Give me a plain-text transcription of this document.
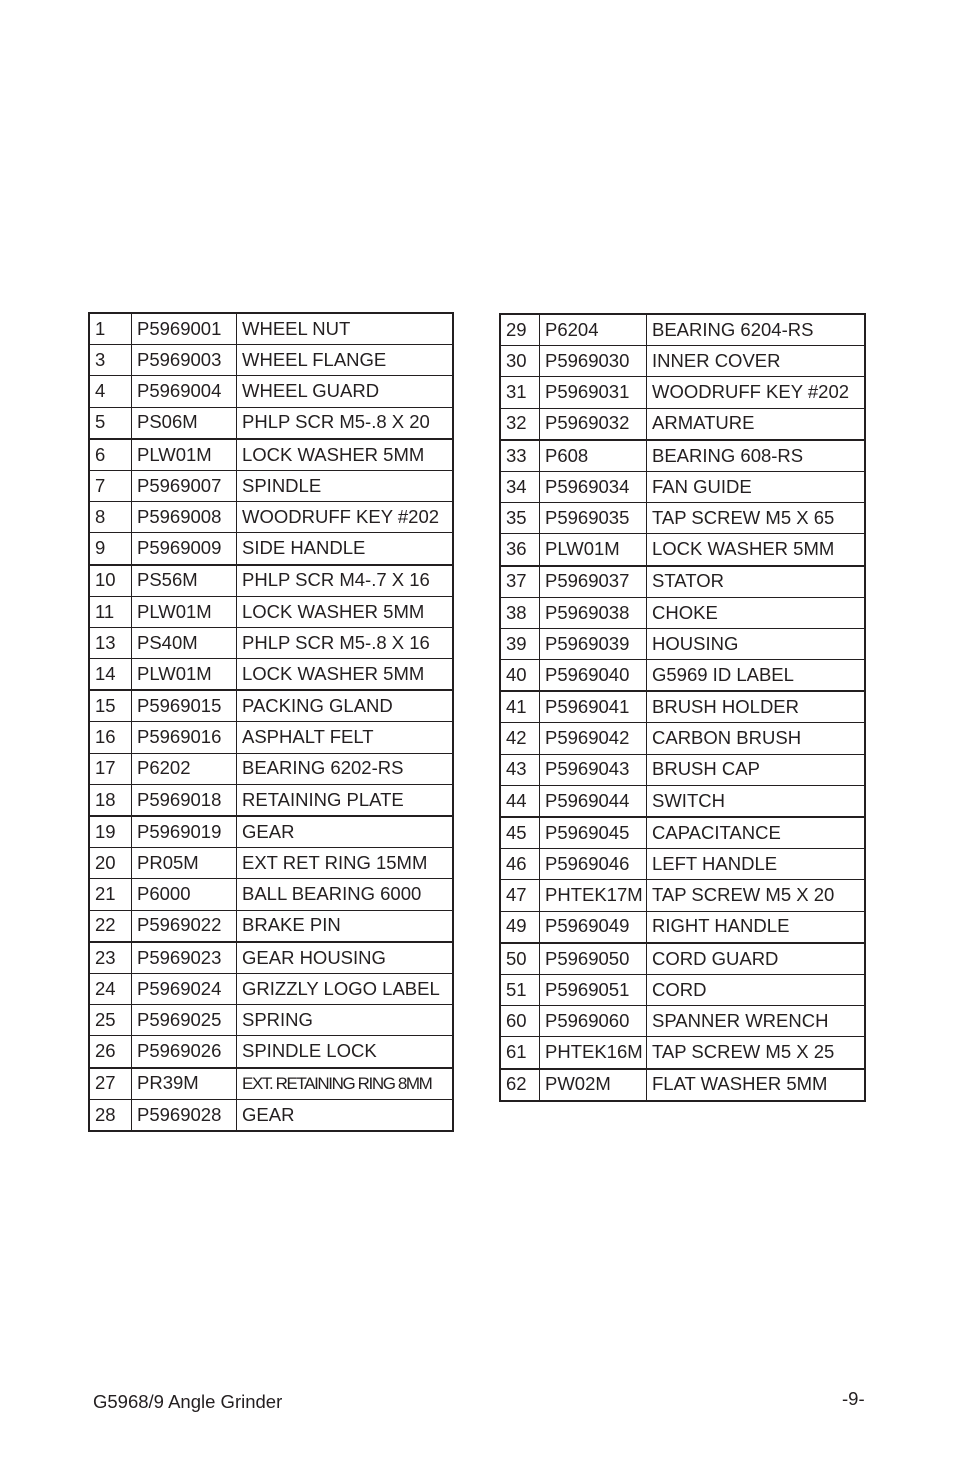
1	P5969001	WHEEL NUT
3	P5969003	WHEEL FLANGE
4	P5969004	WHEEL GUARD
5	PS06M	PHLP SCR M5-.8 X 20
6	PLW01M	LOCK WASHER 5MM
7	P5969007	SPINDLE
8	P5969008	WOODRUFF KEY #202
9	P5969009	SIDE HANDLE
10	PS56M	PHLP SCR M4-.7 X 16
11	PLW01M	LOCK WASHER 5MM
13	PS40M	PHLP SCR M5-.8 X 16
14	PLW01M	LOCK WASHER 5MM
15	P5969015	PACKING GLAND
16	P5969016	ASPHALT FELT
17	P6202	BEARING 6202-RS
18	P5969018	RETAINING PLATE
19	P5969019	GEAR
20	PR05M	EXT RET RING 15MM
21	P6000	BALL BEARING 6000
22	P5969022	BRAKE PIN
23	P5969023	GEAR HOUSING
24	P5969024	GRIZZLY LOGO LABEL
25	P5969025	SPRING
26	P5969026	SPINDLE LOCK
27	PR39M	EXT. RETAINING RING 8MM
28	P5969028	GEAR
29	P6204	BEARING 6204-RS
30	P5969030	INNER COVER
31	P5969031	WOODRUFF KEY #202
32	P5969032	ARMATURE
33	P608	BEARING 608-RS
34	P5969034	FAN GUIDE
35	P5969035	TAP SCREW M5 X 65
36	PLW01M	LOCK WASHER 5MM
37	P5969037	STATOR
38	P5969038	CHOKE
39	P5969039	HOUSING
40	P5969040	G5969 ID LABEL
41	P5969041	BRUSH HOLDER
42	P5969042	CARBON BRUSH
43	P5969043	BRUSH CAP
44	P5969044	SWITCH
45	P5969045	CAPACITANCE
46	P5969046	LEFT HANDLE
47	PHTEK17M	TAP SCREW M5 X 20
49	P5969049	RIGHT HANDLE
50	P5969050	CORD GUARD
51	P5969051	CORD
60	P5969060	SPANNER WRENCH
61	PHTEK16M	TAP SCREW M5 X 25
62	PW02M	FLAT WASHER 5MM
G5968/9 Angle Grinder	-9-
